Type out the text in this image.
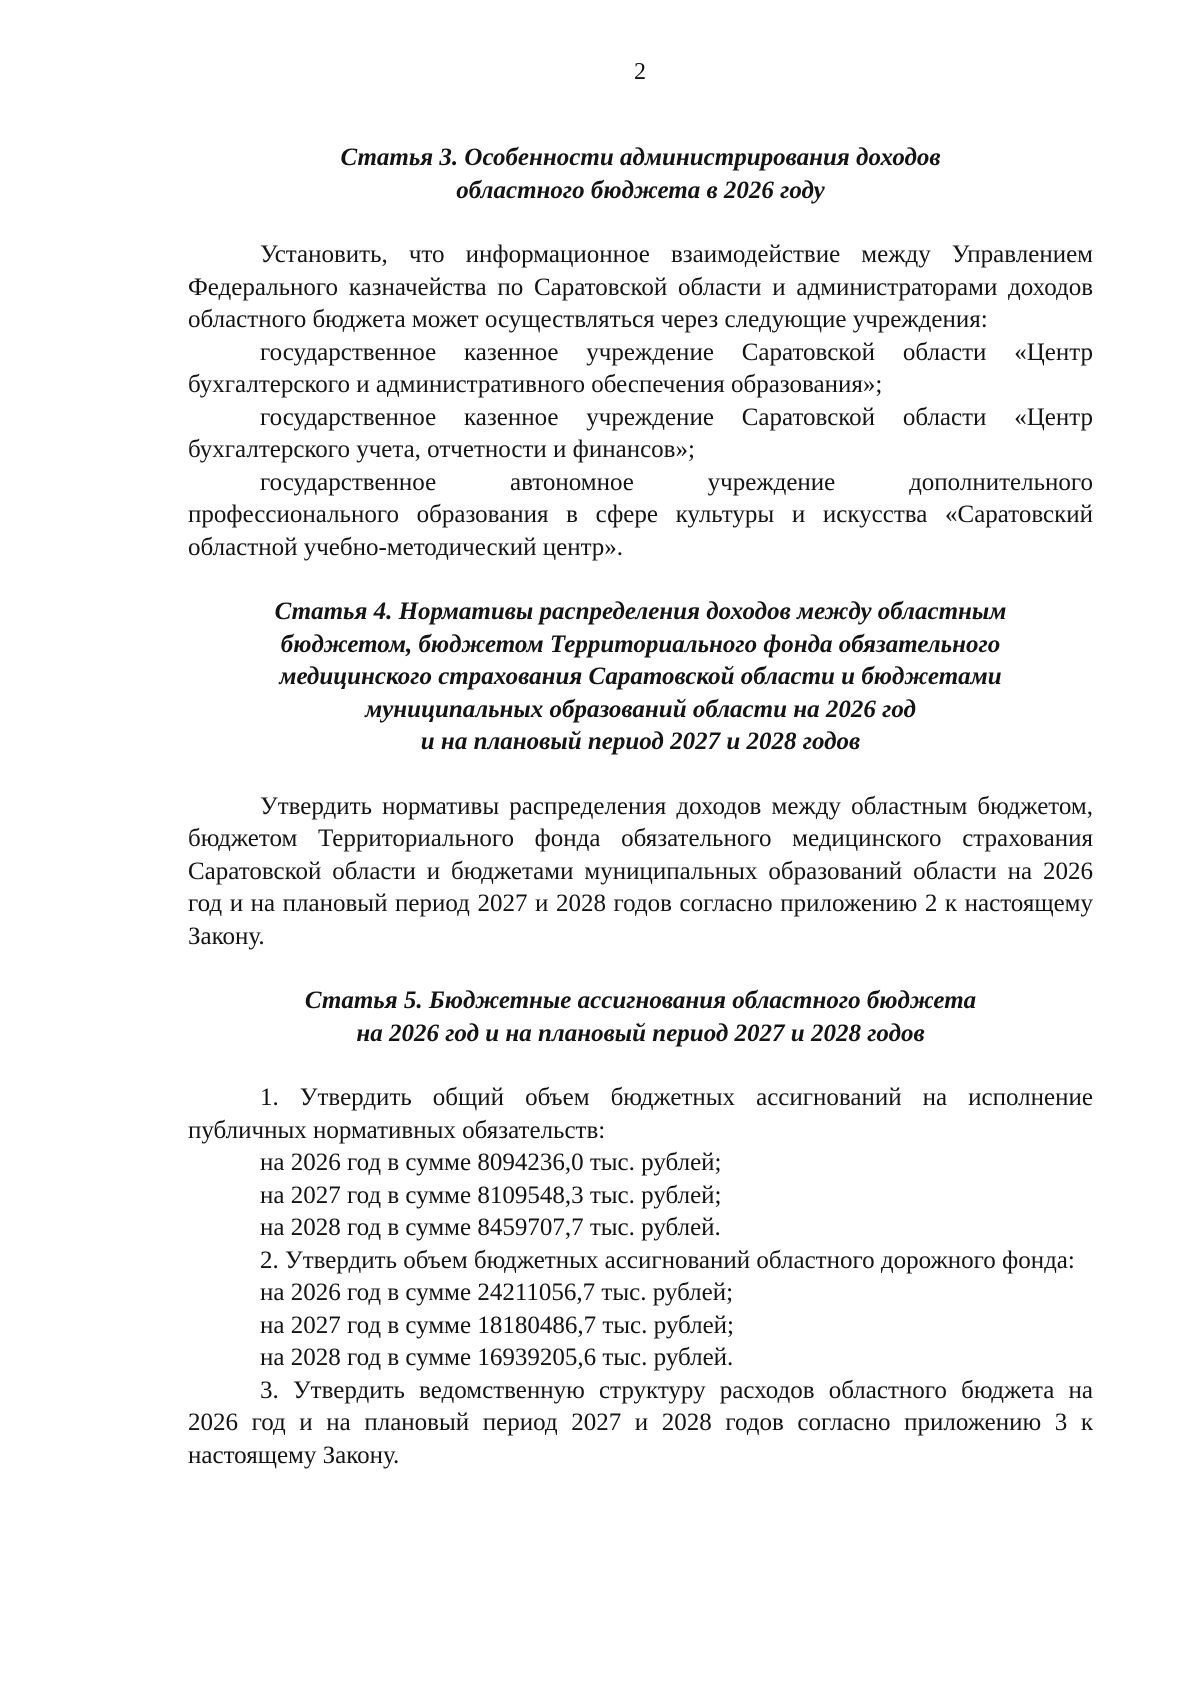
2
Статья 3. Особенности администрирования доходов
областного бюджета в 2026 году

Установить, что информационное взаимодействие между Управлением Федерального казначейства по Саратовской области и администраторами доходов областного бюджета может осуществляться через следующие учреждения:

государственное казенное учреждение Саратовской области «Центр бухгалтерского и административного обеспечения образования»;

государственное казенное учреждение Саратовской области «Центр бухгалтерского учета, отчетности и финансов»;

государственное автономное учреждение дополнительного профессионального образования в сфере культуры и искусства «Саратовский областной учебно-методический центр».

Статья 4. Нормативы распределения доходов между областным
бюджетом, бюджетом Территориального фонда обязательного
медицинского страхования Саратовской области и бюджетами
муниципальных образований области на 2026 год
и на плановый период 2027 и 2028 годов

Утвердить нормативы распределения доходов между областным бюджетом, бюджетом Территориального фонда обязательного медицинского страхования Саратовской области и бюджетами муниципальных образований области на 2026 год и на плановый период 2027 и 2028 годов согласно приложению 2 к настоящему Закону.

Статья 5. Бюджетные ассигнования областного бюджета
на 2026 год и на плановый период 2027 и 2028 годов

1. Утвердить общий объем бюджетных ассигнований на исполнение публичных нормативных обязательств:

на 2026 год в сумме 8094236,0 тыс. рублей;

на 2027 год в сумме 8109548,3 тыс. рублей;

на 2028 год в сумме 8459707,7 тыс. рублей.

2. Утвердить объем бюджетных ассигнований областного дорожного фонда:

на 2026 год в сумме 24211056,7 тыс. рублей;

на 2027 год в сумме 18180486,7 тыс. рублей;

на 2028 год в сумме 16939205,6 тыс. рублей.

3. Утвердить ведомственную структуру расходов областного бюджета на 2026 год и на плановый период 2027 и 2028 годов согласно приложению 3 к настоящему Закону.
